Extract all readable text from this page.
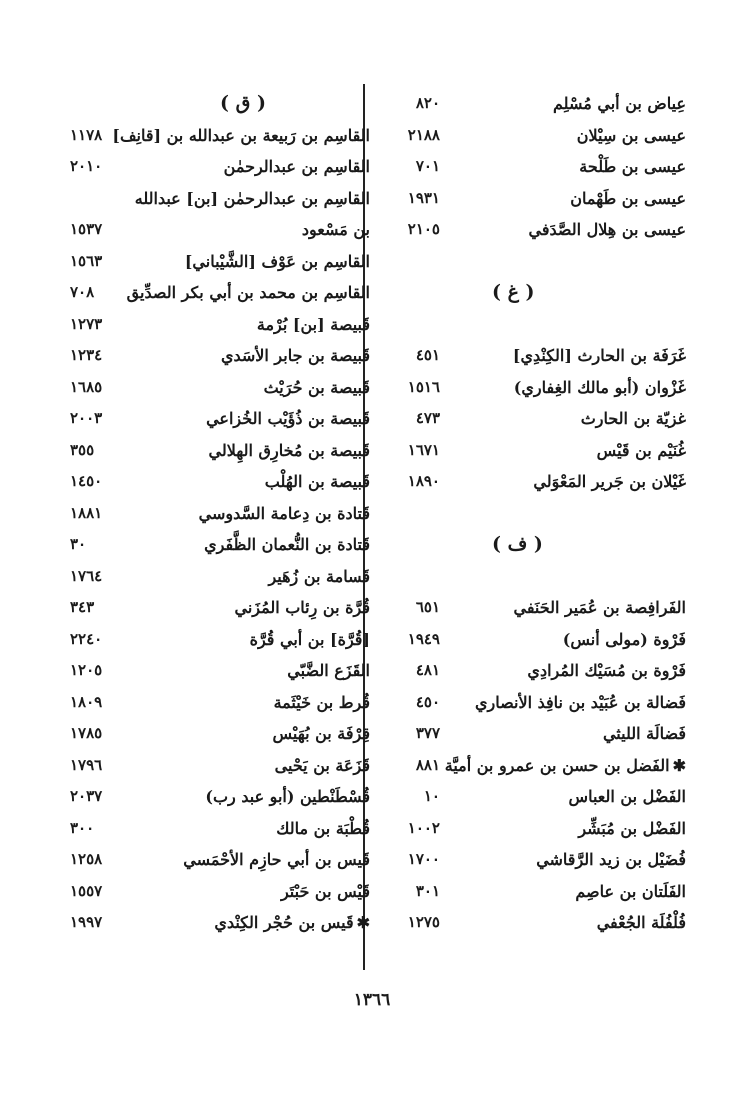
عِياض بن أبي مُسْلِم
٨٢٠
عيسى بن سِيْلان
٢١٨٨
عيسى بن طَلْحة
٧٠١
عيسى بن طَهْمان
١٩٣١
عيسى بن هِلال الصَّدَفي
٢١٠٥
( غ )
غَرَفَة بن الحارث [الكِنْدِي]
٤٥١
غَزْوان (أبو مالك الغِفاري)
١٥١٦
غزيّة بن الحارث
٤٧٣
غُنَيْم بن قَيْس
١٦٧١
غَيْلان بن جَرير المَعْوَلي
١٨٩٠
( ف )
الفَرافِصة بن عُمَير الحَنَفي
٦٥١
فَرْوة (مولى أنس)
١٩٤٩
فَرْوة بن مُسَيْك المُرادِي
٤٨١
فَضالة بن عُبَيْد بن نافِذ الأنصاري
٤٥٠
فَضالَة الليثي
٣٧٧
✱الفَضل بن حسن بن عمرو بن أميَّة
٨٨١
الفَضْل بن العباس
١٠
الفَضْل بن مُبَشِّر
١٠٠٢
فُضَيْل بن زيد الرَّقاشي
١٧٠٠
الفَلَتان بن عاصِم
٣٠١
فُلْفُلَة الجُعْفي
١٢٧٥
( ق )
القاسِم بن رَبيعة بن عبدالله بن [قانِف]
١١٧٨
القاسِم بن عبدالرحمٰن
٢٠١٠
القاسِم بن عبدالرحمٰن [بن] عبدالله
بن مَسْعود
١٥٣٧
القاسِم بن عَوْف [الشَّيْباني]
١٥٦٣
القاسِم بن محمد بن أبي بكر الصدِّيق
٧٠٨
قَبيصة [بن] بُرْمة
١٢٧٣
قَبيصة بن جابر الأسَدي
١٢٣٤
قَبيصة بن حُرَيْث
١٦٨٥
قَبيصة بن ذُؤَيْب الخُزاعي
٢٠٠٣
قَبيصة بن مُخارِق الهِلالي
٣٥٥
قَبيصة بن الهُلْب
١٤٥٠
قَتادة بن دِعامة السَّدوسي
١٨٨١
قَتادة بن النُّعمان الظَّفَري
٣٠
قَسامة بن زُهَير
١٧٦٤
قُرَّة بن رِئاب المُزَني
٣٤٣
[قُرَّة] بن أبي قُرَّة
٢٢٤٠
القَزَع الضَّبّي
١٢٠٥
قُرط بن خَيْثَمة
١٨٠٩
قِرْفَة بن بُهَيْس
١٧٨٥
قَزَعَة بن يَحْيى
١٧٩٦
قُسْطَنْطين (أبو عبد رب)
٢٠٣٧
قُطْبَة بن مالك
٣٠٠
قَيس بن أبي حازِم الأحْمَسي
١٢٥٨
قَيْس بن حَبْتَر
١٥٥٧
✱قَيس بن حُجْر الكِنْدي
١٩٩٧
١٣٦٦
